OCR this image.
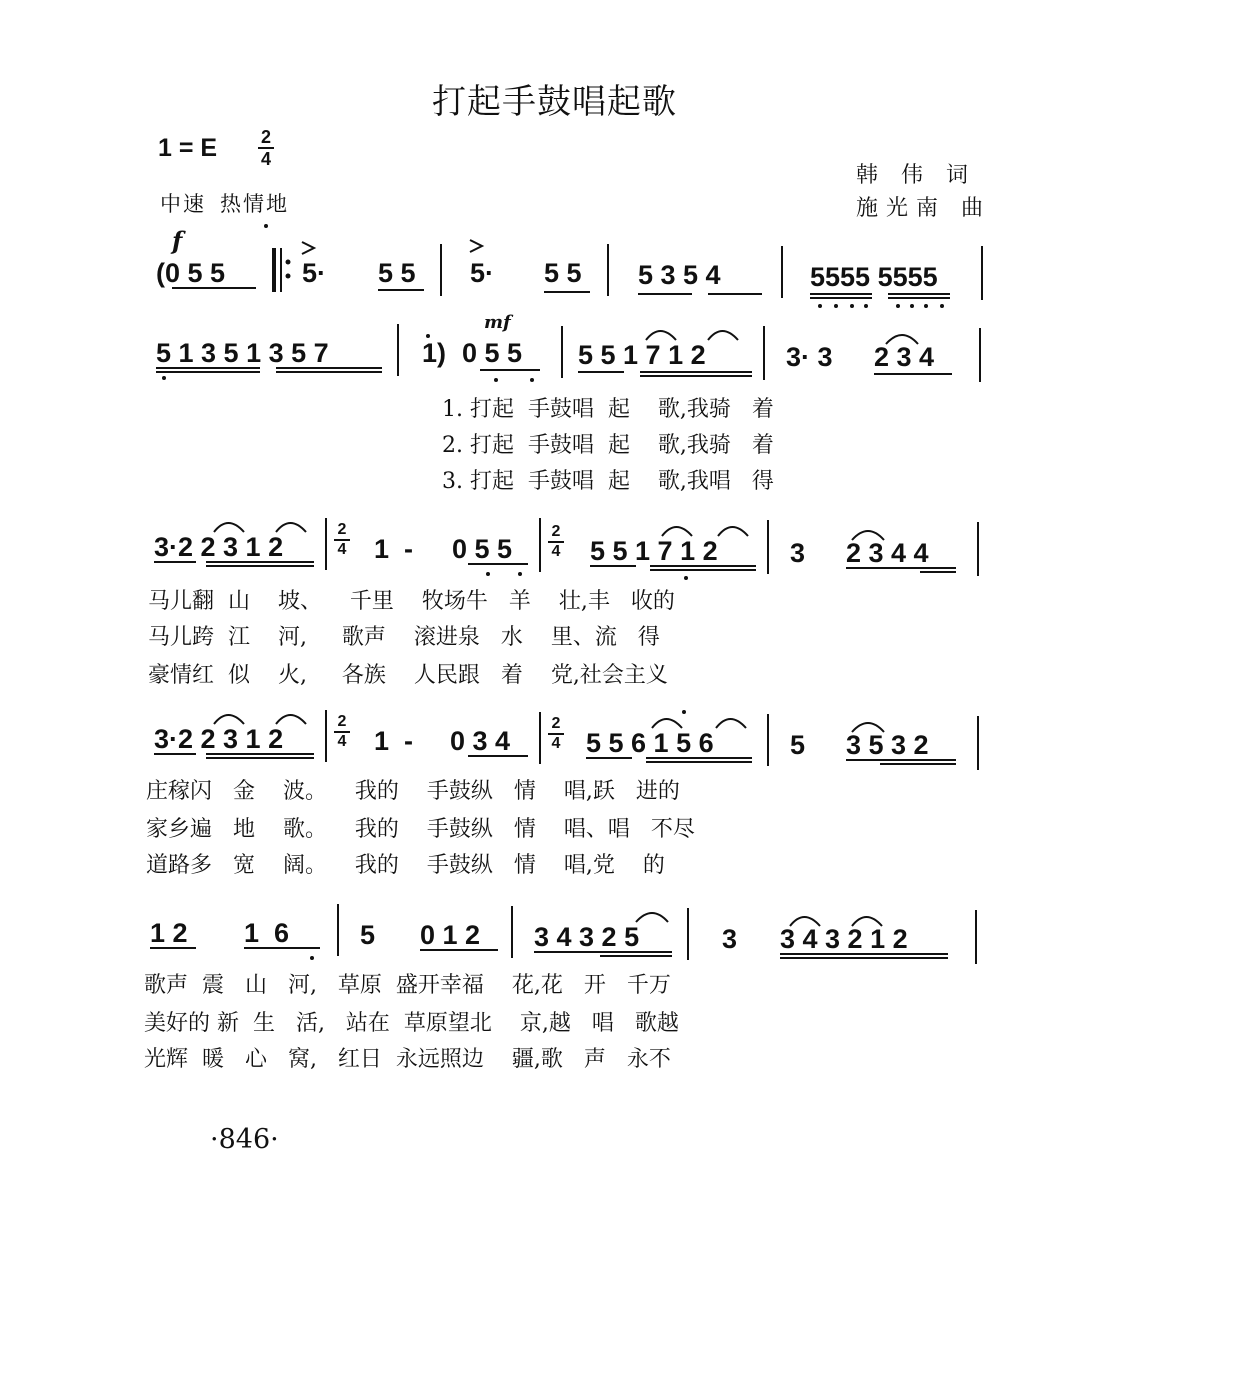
打起手鼓唱起歌
1 = E 2
4
中速 热情地
韩 伟 词
施光南 曲
f
mf
(0 5 5	5· 5 5 5· 5 5 5 3 5 4	5555 5555
5 1 3 5 1 3 5 7	1) 0 5 5 5 5 1 7 1 2	3· 3 2 3 4
1. 打起  手鼓唱  起    歌,我骑   着
2. 打起  手鼓唱  起    歌,我骑   着
3. 打起  手鼓唱  起    歌,我唱   得
3·2 2 3 1 2	1  - 0 5 5	5 5 1 7 1 2	3 2 3 4 4
马儿翻  山    坡、    千里    牧场牛   羊    壮,丰   收的
马儿跨  江    河,     歌声    滚进泉   水    里、流   得
豪情红  似    火,     各族    人民跟   着    党,社会主义
3·2 2 3 1 2	1  - 0 3 4	5 5 6 1 5 6	5 3 5 3 2
庄稼闪   金    波。    我的    手鼓纵   情    唱,跃   进的
家乡遍   地    歌。    我的    手鼓纵   情    唱、唱   不尽
道路多   宽    阔。    我的    手鼓纵   情    唱,党    的
1 2 1  6	5 0 1 2 3 4 3 2 5	3 3 4 3 2 1 2
歌声  震   山   河,   草原  盛开幸福    花,花   开   千万
美好的 新  生   活,   站在  草原望北    京,越   唱   歌越
光辉  暖   心   窝,   红日  永远照边    疆,歌   声   永不
2
4
2
4
2
4
2
4
·846·
